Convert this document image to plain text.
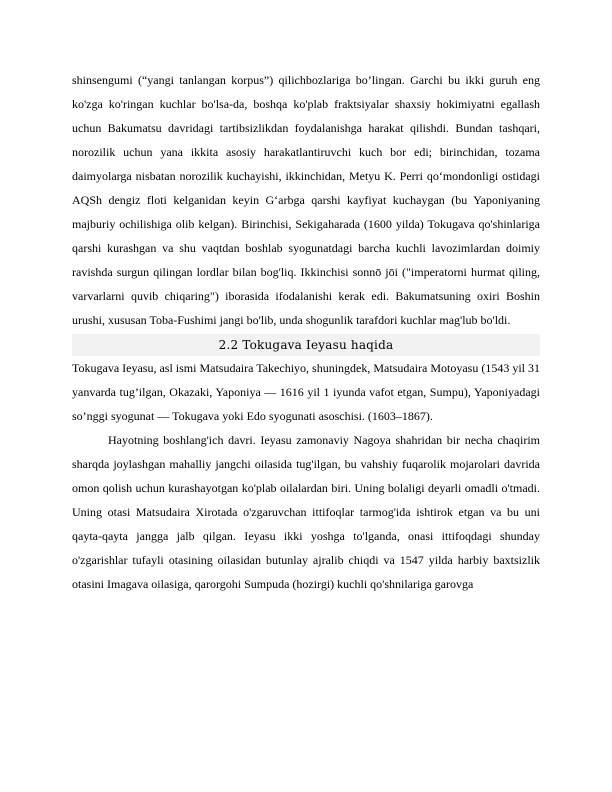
shinsengumi (“yangi tanlangan korpus”) qilichbozlariga bo’lingan. Garchi bu ikki guruh eng ko'zga ko'ringan kuchlar bo'lsa-da, boshqa ko'plab fraktsiyalar shaxsiy hokimiyatni egallash uchun Bakumatsu davridagi tartibsizlikdan foydalanishga harakat qilishdi. Bundan tashqari, norozilik uchun yana ikkita asosiy harakatlantiruvchi kuch bor edi; birinchidan, tozama daimyolarga nisbatan norozilik kuchayishi, ikkinchidan, Metyu K. Perri qo‘mondonligi ostidagi AQSh dengiz floti kelganidan keyin G‘arbga qarshi kayfiyat kuchaygan (bu Yaponiyaning majburiy ochilishiga olib kelgan). Birinchisi, Sekigaharada (1600 yilda) Tokugava qo'shinlariga qarshi kurashgan va shu vaqtdan boshlab syogunatdagi barcha kuchli lavozimlardan doimiy ravishda surgun qilingan lordlar bilan bog'liq. Ikkinchisi sonnō jōi ("imperatorni hurmat qiling, varvarlarni quvib chiqaring") iborasida ifodalanishi kerak edi. Bakumatsuning oxiri Boshin urushi, xususan Toba-Fushimi jangi bo'lib, unda shogunlik tarafdori kuchlar mag'lub bo'ldi.

2.2 Tokugava Ieyasu haqida

Tokugava Ieyasu, asl ismi Matsudaira Takechiyo, shuningdek, Matsudaira Motoyasu (1543 yil 31 yanvarda tug’ilgan, Okazaki, Yaponiya — 1616 yil 1 iyunda vafot etgan, Sumpu), Yaponiyadagi so’nggi syogunat — Tokugava yoki Edo syogunati asoschisi. (1603–1867).

Hayotning boshlang'ich davri. Ieyasu zamonaviy Nagoya shahridan bir necha chaqirim sharqda joylashgan mahalliy jangchi oilasida tug'ilgan, bu vahshiy fuqarolik mojarolari davrida omon qolish uchun kurashayotgan ko'plab oilalardan biri. Uning bolaligi deyarli omadli o'tmadi. Uning otasi Matsudaira Xirotada o'zgaruvchan ittifoqlar tarmog'ida ishtirok etgan va bu uni qayta-qayta jangga jalb qilgan. Ieyasu ikki yoshga to'lganda, onasi ittifoqdagi shunday o'zgarishlar tufayli otasining oilasidan butunlay ajralib chiqdi va 1547 yilda harbiy baxtsizlik otasini Imagava oilasiga, qarorgohi Sumpuda (hozirgi) kuchli qo'shnilariga garovga
